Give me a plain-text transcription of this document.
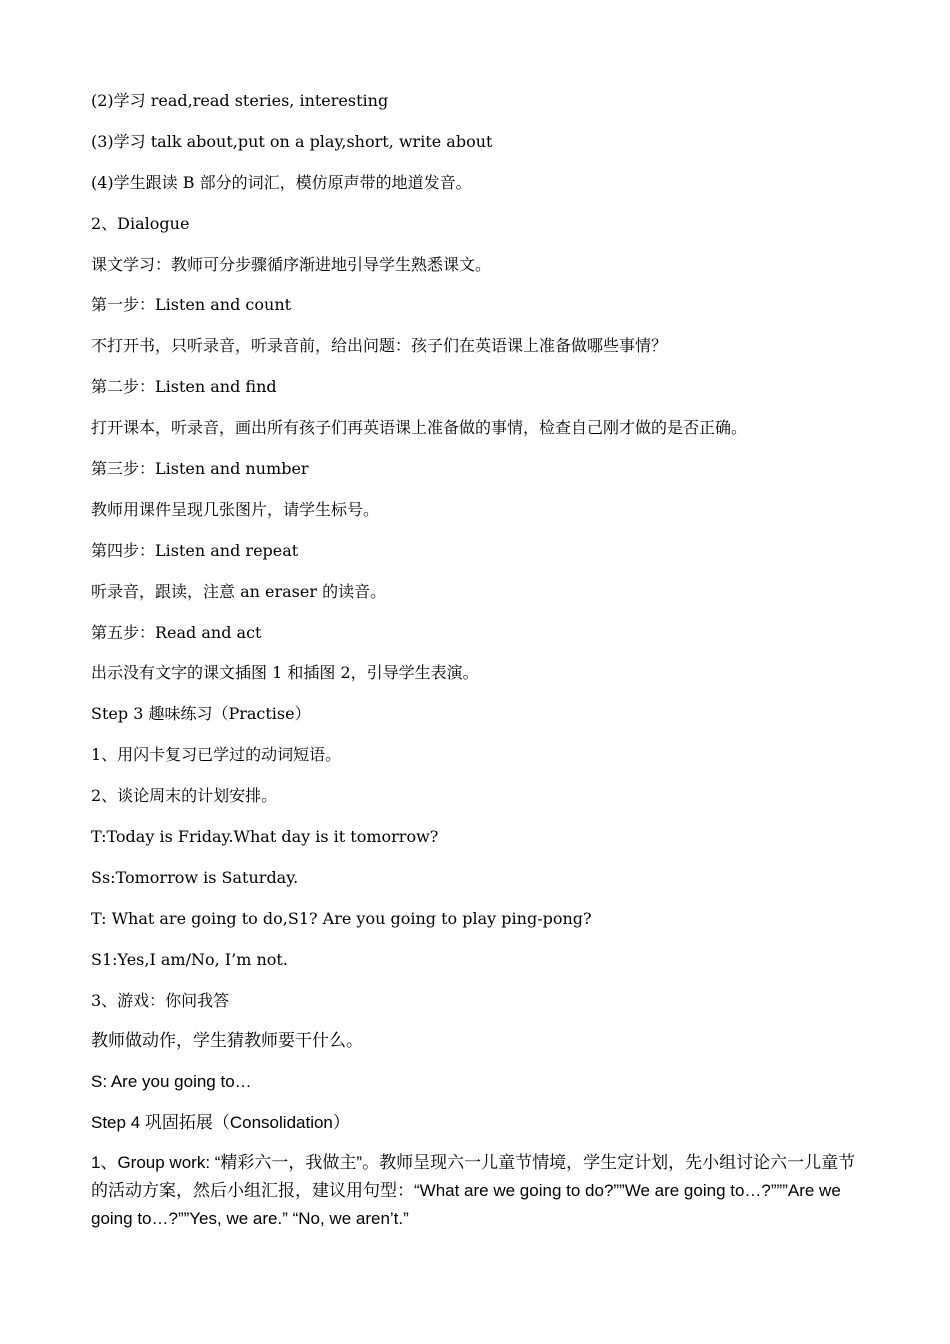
(2)学习 read,read steries, interesting
(3)学习 talk about,put on a play,short, write about
(4)学生跟读 B 部分的词汇，模仿原声带的地道发音。
2、Dialogue
课文学习：教师可分步骤循序渐进地引导学生熟悉课文。
第一步：Listen and count
不打开书，只听录音，听录音前，给出问题：孩子们在英语课上准备做哪些事情？
第二步：Listen and find
打开课本，听录音，画出所有孩子们再英语课上准备做的事情，检查自己刚才做的是否正确。
第三步：Listen and number
教师用课件呈现几张图片，请学生标号。
第四步：Listen and repeat
听录音，跟读，注意 an eraser 的读音。
第五步：Read and act
出示没有文字的课文插图 1 和插图 2，引导学生表演。
Step 3 趣味练习（Practise）
1、用闪卡复习已学过的动词短语。
2、谈论周末的计划安排。
T:Today is Friday.What day is it tomorrow?
Ss:Tomorrow is Saturday.
T: What are going to do,S1? Are you going to play ping-pong?
S1:Yes,I am/No, I’m not.
3、游戏：你问我答
教师做动作，学生猜教师要干什么。
S: Are you going to…
Step 4 巩固拓展（Consolidation）
1、Group work: “精彩六一，我做主”。教师呈现六一儿童节情境，学生定计划，先小组讨论六一儿童节的活动方案，然后小组汇报，建议用句型：“What are we going to do?””We are going to…?”””Are we going to…?””Yes, we are.” “No, we aren’t.”
